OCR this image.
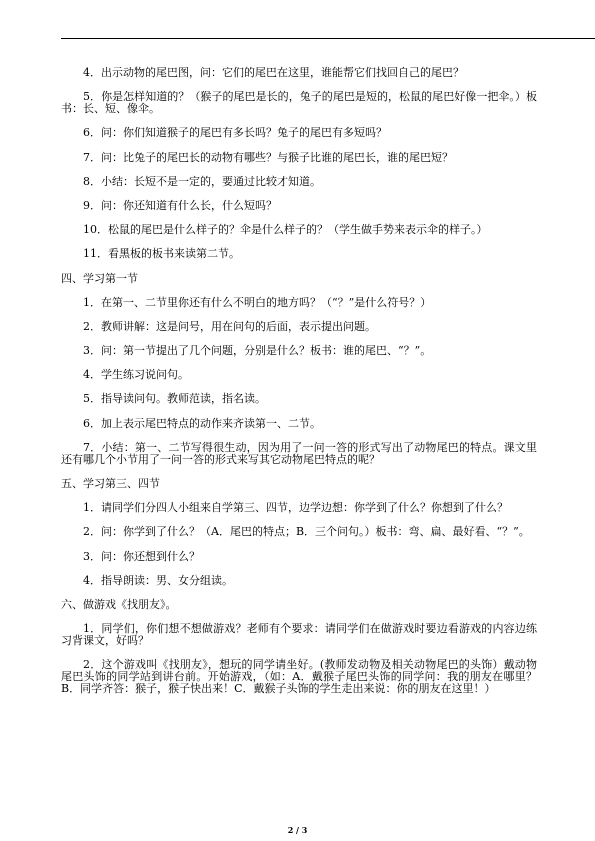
4．出示动物的尾巴图，问：它们的尾巴在这里，谁能帮它们找回自己的尾巴？

5．你是怎样知道的？（猴子的尾巴是长的，兔子的尾巴是短的，松鼠的尾巴好像一把伞。）板书：长、短、像伞。

6．问：你们知道猴子的尾巴有多长吗？兔子的尾巴有多短吗？

7．问：比兔子的尾巴长的动物有哪些？与猴子比谁的尾巴长，谁的尾巴短？

8．小结：长短不是一定的，要通过比较才知道。

9．问：你还知道有什么长，什么短吗？

10．松鼠的尾巴是什么样子的？伞是什么样子的？（学生做手势来表示伞的样子。）

11．看黑板的板书来读第二节。

四、学习第一节

1．在第一、二节里你还有什么不明白的地方吗？（“？”是什么符号？）

2．教师讲解：这是问号，用在问句的后面，表示提出问题。

3．问：第一节提出了几个问题，分别是什么？板书：谁的尾巴、“？”。

4．学生练习说问句。

5．指导读问句。教师范读，指名读。

6．加上表示尾巴特点的动作来齐读第一、二节。

7．小结：第一、二节写得很生动，因为用了一问一答的形式写出了动物尾巴的特点。课文里还有哪几个小节用了一问一答的形式来写其它动物尾巴特点的呢？

五、学习第三、四节

1．请同学们分四人小组来自学第三、四节，边学边想：你学到了什么？你想到了什么？

2．问：你学到了什么？（A．尾巴的特点；B．三个问句。）板书：弯、扁、最好看、“？”。

3．问：你还想到什么？

4．指导朗读：男、女分组读。

六、做游戏《找朋友》。

1．同学们，你们想不想做游戏？老师有个要求：请同学们在做游戏时要边看游戏的内容边练习背课文，好吗？

2．这个游戏叫《找朋友》，想玩的同学请坐好。(教师发动物及相关动物尾巴的头饰）戴动物尾巴头饰的同学站到讲台前。开始游戏，（如：A．戴猴子尾巴头饰的同学问：我的朋友在哪里？B．同学齐答：猴子，猴子快出来！C．戴猴子头饰的学生走出来说：你的朋友在这里！）

2 / 3
